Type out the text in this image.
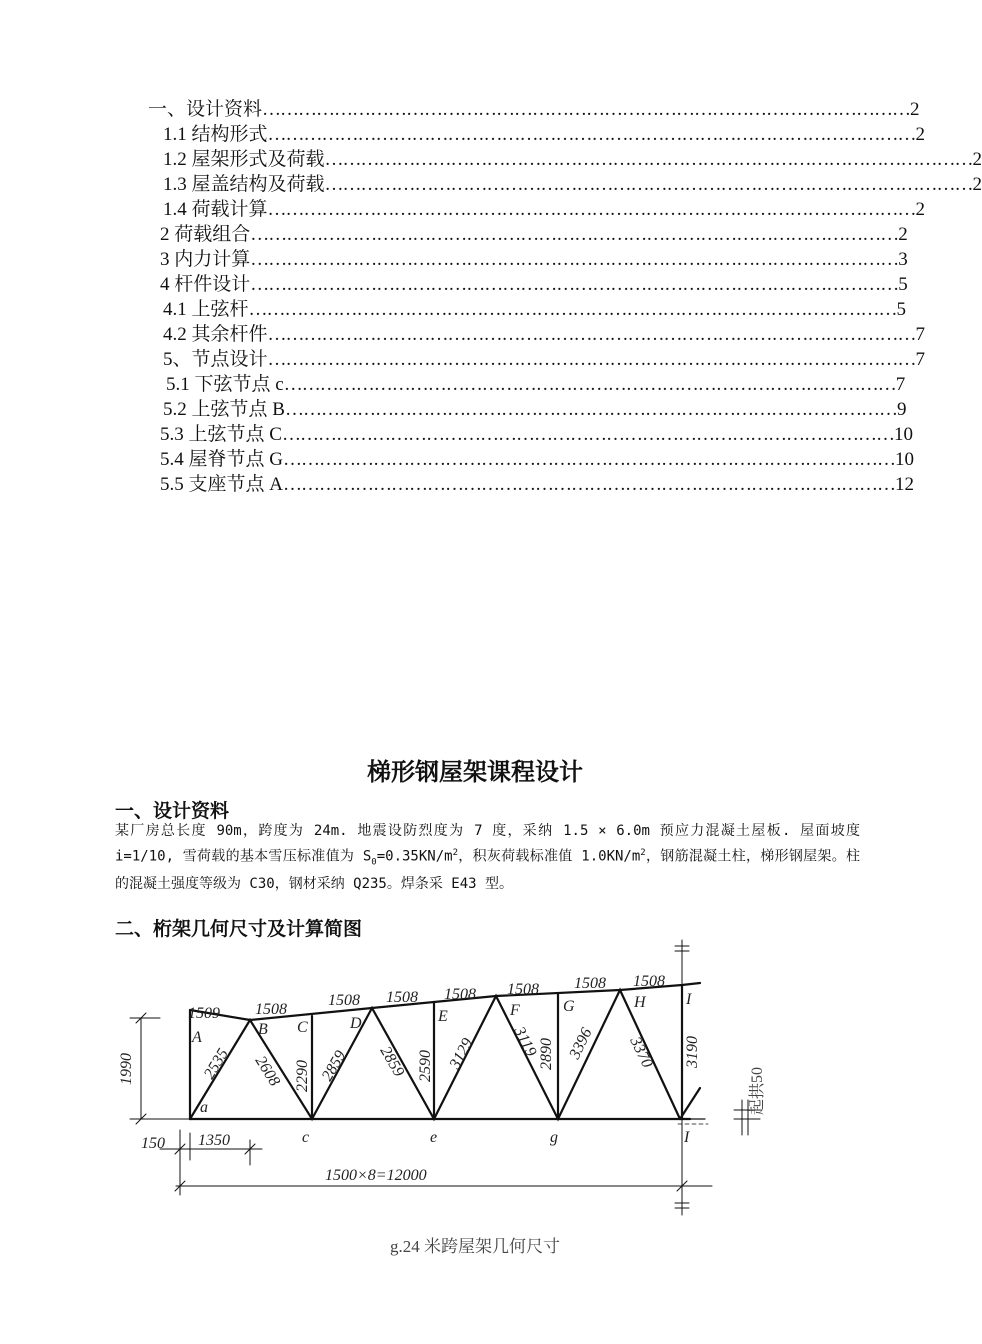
一、设计资料 ……………………………………………………………………………………………… 2
1.1 结构形式 ……………………………………………………………………………………………… 2
1.2 屋架形式及荷载 ……………………………………………………………………………………………… 2
1.3 屋盖结构及荷载 ……………………………………………………………………………………………… 2
1.4 荷载计算 ……………………………………………………………………………………………… 2
2 荷载组合 ……………………………………………………………………………………………… 2
3 内力计算 ……………………………………………………………………………………………… 3
4 杆件设计 ……………………………………………………………………………………………… 5
4.1 上弦杆 ……………………………………………………………………………………………… 5
4.2 其余杆件 ……………………………………………………………………………………………… 7
5、节点设计 ……………………………………………………………………………………………… 7
5.1 下弦节点 c ………………………………………………………………………………………… 7
5.2 上弦节点 B ………………………………………………………………………………………… 9
5.3 上弦节点 C ………………………………………………………………………………………… 10
5.4 屋脊节点 G ………………………………………………………………………………………… 10
5.5 支座节点 A ………………………………………………………………………………………… 12
梯形钢屋架课程设计
一、设计资料
某厂房总长度 90m，跨度为 24m. 地震设防烈度为 7 度，采纳 1.5 × 6.0m 预应力混凝土屋板. 屋面坡度 i=1/10, 雪荷载的基本雪压标准值为 $S_0=0.35KN/m^2$，积灰荷载标准值 $1.0KN/m^2$，钢筋混凝土柱，梯形钢屋架。柱的混凝土强度等级为 C30，钢材采纳 Q235。焊条采 E43 型。
二、桁架几何尺寸及计算简图
1509 1508
1508 1508 1508 1508 1508 1508
A	B C	D	E	F	G	H	I
a
c	e	g	I
2535 2608 2290 2859 2859 2590 3129 3119
2890 3396 3370 3190
1990
150 1350
1500×8=12000
起拱50
g.24 米跨屋架几何尺寸
